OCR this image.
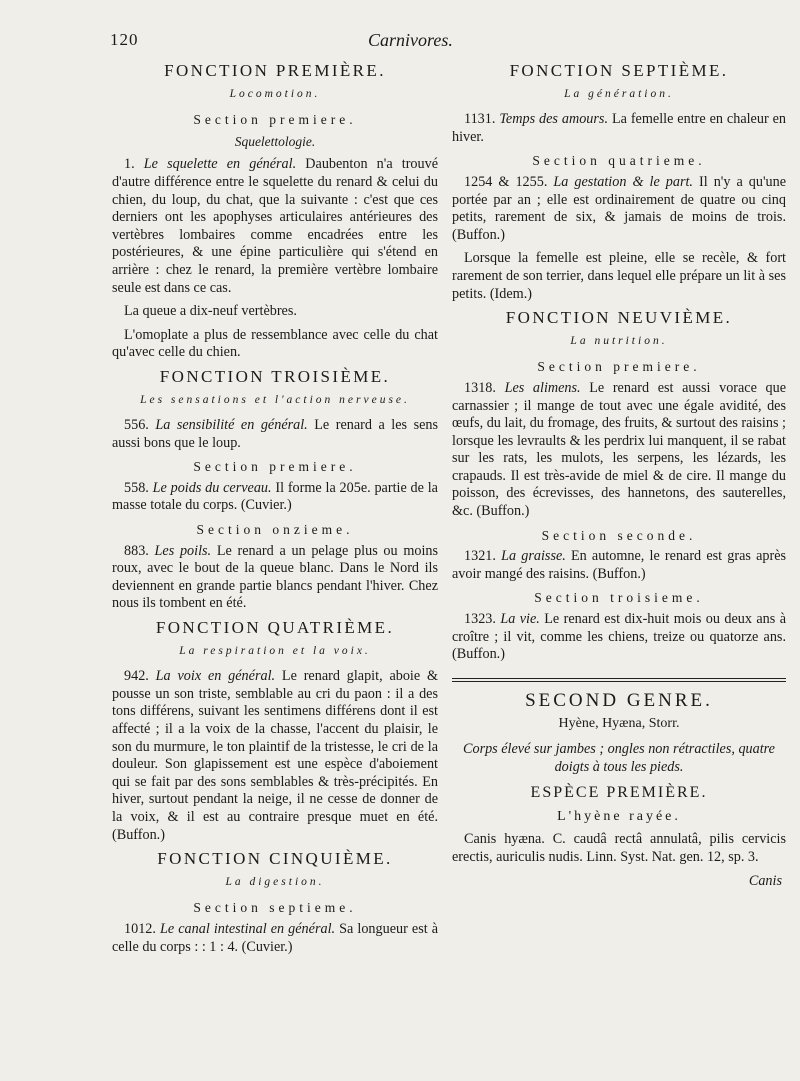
120	Carnivores.
FONCTION PREMIÈRE.
Locomotion.
Section premiere.
Squelettologie.

1. Le squelette en général. Daubenton n'a trouvé d'autre différence entre le squelette du renard & celui du chien, du loup, du chat, que la suivante : c'est que ces derniers ont les apophyses articulaires antérieures des vertèbres lombaires comme encadrées entre les postérieures, & une épine particulière qui s'étend en arrière : chez le renard, la première vertèbre lombaire seule est dans ce cas.

La queue a dix-neuf vertèbres.

L'omoplate a plus de ressemblance avec celle du chat qu'avec celle du chien.

FONCTION TROISIÈME.
Les sensations et l'action nerveuse.

556. La sensibilité en général. Le renard a les sens aussi bons que le loup.

Section premiere.

558. Le poids du cerveau. Il forme la 205e. partie de la masse totale du corps. (Cuvier.)

Section onzieme.

883. Les poils. Le renard a un pelage plus ou moins roux, avec le bout de la queue blanc. Dans le Nord ils deviennent en grande partie blancs pendant l'hiver. Chez nous ils tombent en été.

FONCTION QUATRIÈME.
La respiration et la voix.

942. La voix en général. Le renard glapit, aboie & pousse un son triste, semblable au cri du paon : il a des tons différens, suivant les sentimens différens dont il est affecté ; il a la voix de la chasse, l'accent du plaisir, le son du murmure, le ton plaintif de la tristesse, le cri de la douleur. Son glapissement est une espèce d'aboiement qui se fait par des sons semblables & très-précipités. En hiver, surtout pendant la neige, il ne cesse de donner de la voix, & il est au contraire presque muet en été. (Buffon.)

FONCTION CINQUIÈME.
La digestion.
Section septieme.

1012. Le canal intestinal en général. Sa longueur est à celle du corps : : 1 : 4. (Cuvier.)

FONCTION SEPTIÈME.
La génération.

1131. Temps des amours. La femelle entre en chaleur en hiver.

Section quatrieme.

1254 & 1255. La gestation & le part. Il n'y a qu'une portée par an ; elle est ordinairement de quatre ou cinq petits, rarement de six, & jamais de moins de trois. (Buffon.)

Lorsque la femelle est pleine, elle se recèle, & fort rarement de son terrier, dans lequel elle prépare un lit à ses petits. (Idem.)

FONCTION NEUVIÈME.
La nutrition.
Section premiere.

1318. Les alimens. Le renard est aussi vorace que carnassier ; il mange de tout avec une égale avidité, des œufs, du lait, du fromage, des fruits, & surtout des raisins ; lorsque les levraults & les perdrix lui manquent, il se rabat sur les rats, les mulots, les serpens, les lézards, les crapauds. Il est très-avide de miel & de cire. Il mange du poisson, des écrevisses, des hannetons, des sauterelles, &c. (Buffon.)

Section seconde.

1321. La graisse. En automne, le renard est gras après avoir mangé des raisins. (Buffon.)

Section troisieme.

1323. La vie. Le renard est dix-huit mois ou deux ans à croître ; il vit, comme les chiens, treize ou quatorze ans. (Buffon.)

SECOND GENRE.
Hyène, Hyæna, Storr.

Corps élevé sur jambes ; ongles non rétractiles, quatre doigts à tous les pieds.

ESPÈCE PREMIÈRE.
L'hyène rayée.

Canis hyæna. C. caudâ rectâ annulatâ, pilis cervicis erectis, auriculis nudis. Linn. Syst. Nat. gen. 12, sp. 3.

Canis
